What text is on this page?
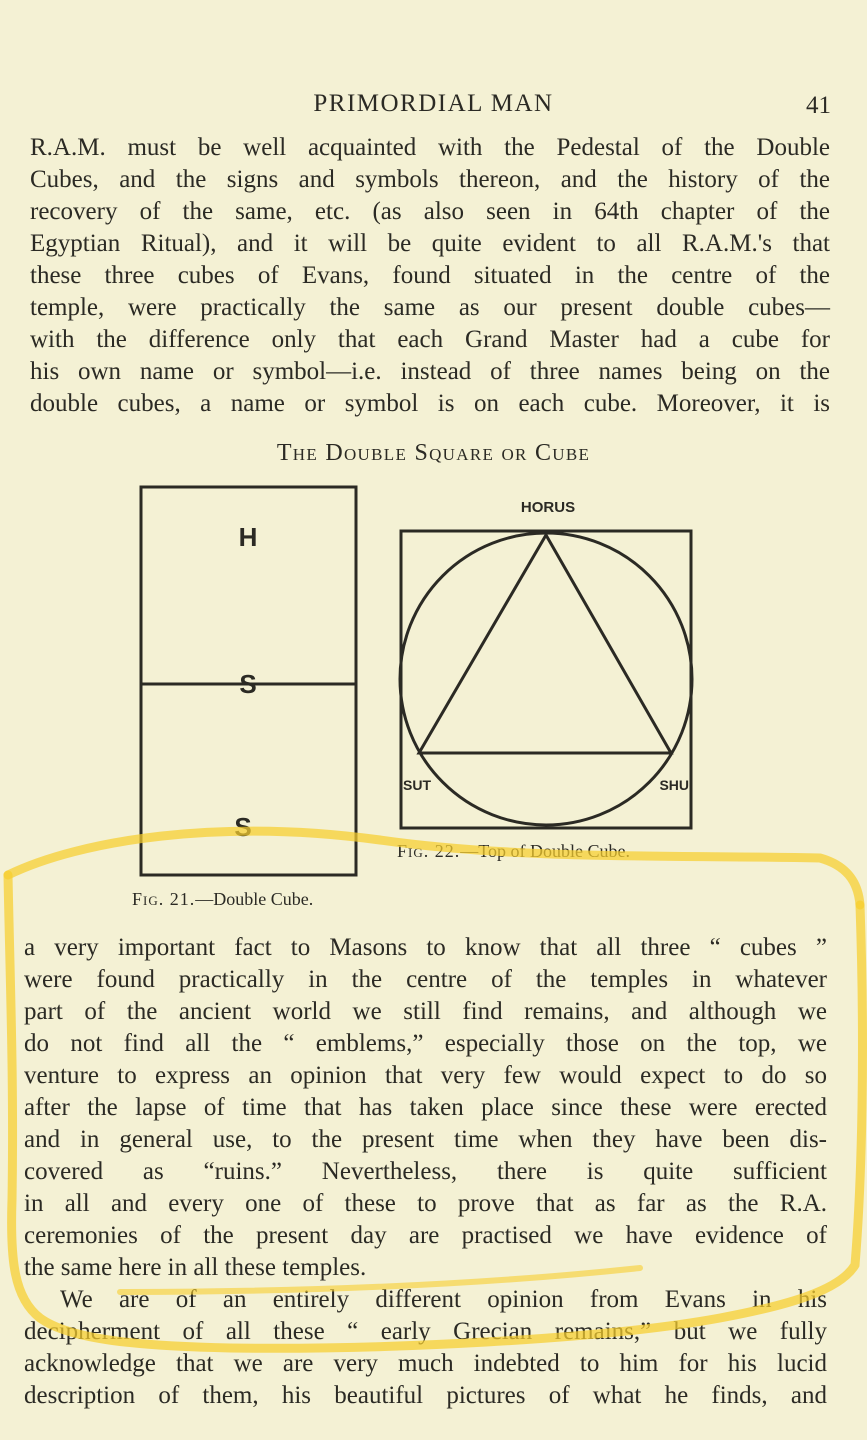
PRIMORDIAL MAN	41

R.A.M. must be well acquainted with the Pedestal of the Double
Cubes, and the signs and symbols thereon, and the history of the
recovery of the same, etc. (as also seen in 64th chapter of the
Egyptian Ritual), and it will be quite evident to all R.A.M.'s that
these three cubes of Evans, found situated in the centre of the
temple, were practically the same as our present double cubes—
with the difference only that each Grand Master had a cube for
his own name or symbol—i.e. instead of three names being on the
double cubes, a name or symbol is on each cube. Moreover, it is

The Double Square or Cube
H
S
S
HORUS
SUT	SHU
Fig. 22.—Top of Double Cube.
Fig. 21.—Double Cube.

a very important fact to Masons to know that all three “ cubes ”
were found practically in the centre of the temples in whatever
part of the ancient world we still find remains, and although we
do not find all the “ emblems,” especially those on the top, we
venture to express an opinion that very few would expect to do so
after the lapse of time that has taken place since these were erected
and in general use, to the present time when they have been dis-
covered as “ruins.” Nevertheless, there is quite sufficient
in all and every one of these to prove that as far as the R.A.
ceremonies of the present day are practised we have evidence of
the same here in all these temples.

We are of an entirely different opinion from Evans in his
decipherment of all these “ early Grecian remains,” but we fully
acknowledge that we are very much indebted to him for his lucid
description of them, his beautiful pictures of what he finds, and
